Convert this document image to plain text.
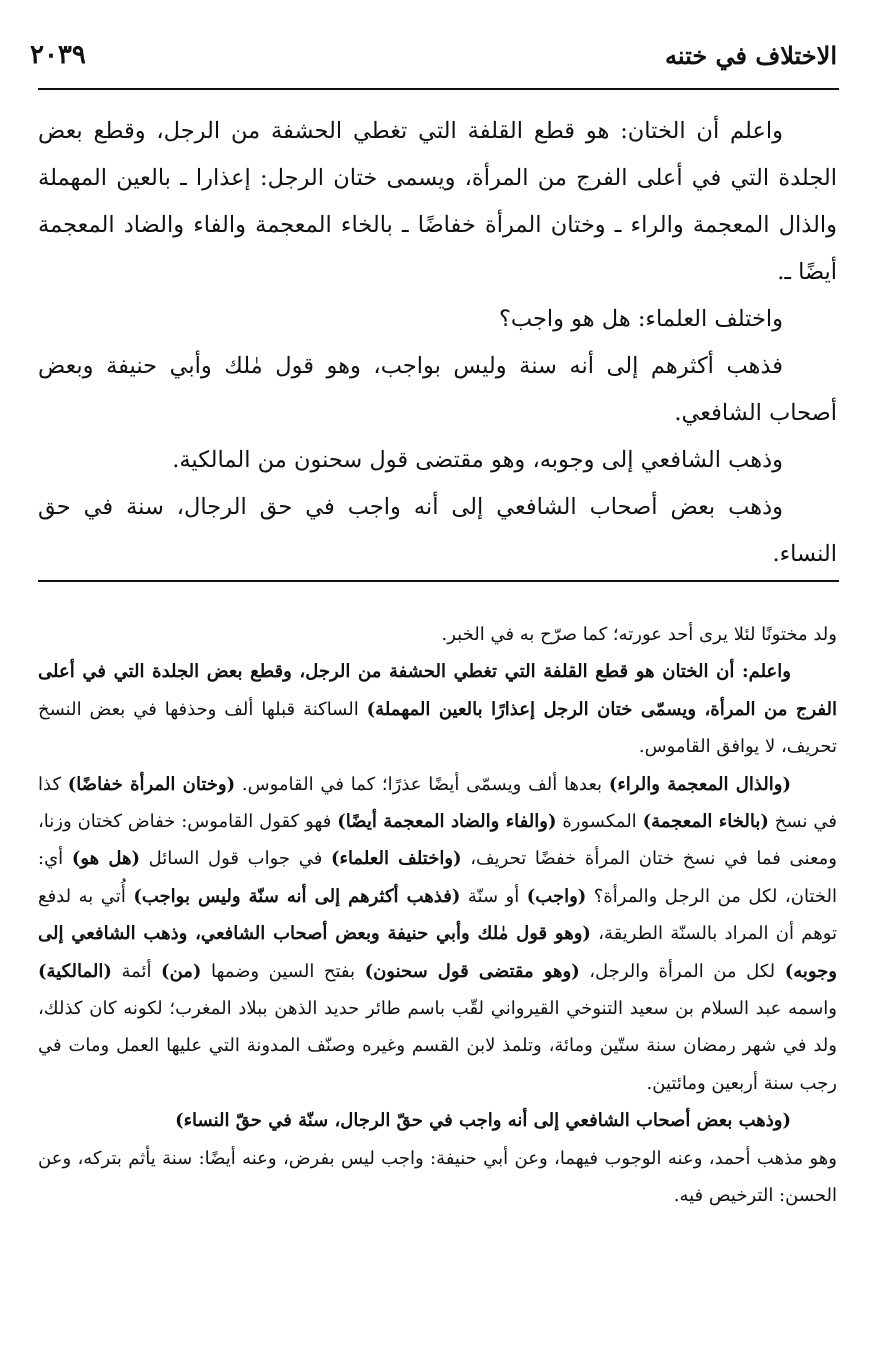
الاختلاف في ختنه
٢٠٣٩

واعلم أن الختان: هو قطع القلفة التي تغطي الحشفة من الرجل، وقطع بعض الجلدة التي في أعلى الفرج من المرأة، ويسمى ختان الرجل: إعذارا ـ بالعين المهملة والذال المعجمة والراء ـ وختان المرأة خفاضًا ـ بالخاء المعجمة والفاء والضاد المعجمة أيضًا ـ.

واختلف العلماء: هل هو واجب؟

فذهب أكثرهم إلى أنه سنة وليس بواجب، وهو قول مٰلك وأبي حنيفة وبعض أصحاب الشافعي.

وذهب الشافعي إلى وجوبه، وهو مقتضى قول سحنون من المالكية.

وذهب بعض أصحاب الشافعي إلى أنه واجب في حق الرجال، سنة في حق النساء.

ولد مختونًا لئلا يرى أحد عورته؛ كما صرّح به في الخبر.

واعلم: أن الختان هو قطع القلفة التي تغطي الحشفة من الرجل، وقطع بعض الجلدة التي في أعلى الفرج من المرأة، ويسمّى ختان الرجل إعذارًا بالعين المهملة) الساكنة قبلها ألف وحذفها في بعض النسخ تحريف، لا يوافق القاموس.

(والذال المعجمة والراء) بعدها ألف ويسمّى أيضًا عذرًا؛ كما في القاموس. (وختان المرأة خفاضًا) كذا في نسخ (بالخاء المعجمة) المكسورة (والفاء والضاد المعجمة أيضًا) فهو كقول القاموس: خفاض كختان وزنا، ومعنى فما في نسخ ختان المرأة خفضًا تحريف، (واختلف العلماء) في جواب قول السائل (هل هو) أي: الختان، لكل من الرجل والمرأة؟ (واجب) أو سنّة (فذهب أكثرهم إلى أنه سنّة وليس بواجب) أُتي به لدفع توهم أن المراد بالسنّة الطريقة، (وهو قول مٰلك وأبي حنيفة وبعض أصحاب الشافعي، وذهب الشافعي إلى وجوبه) لكل من المرأة والرجل، (وهو مقتضى قول سحنون) بفتح السين وضمها (من) أئمة (المالكية) واسمه عبد السلام بن سعيد التنوخي القيرواني لقّب باسم طائر حديد الذهن ببلاد المغرب؛ لكونه كان كذلك، ولد في شهر رمضان سنة ستّين ومائة، وتلمذ لابن القسم وغيره وصنّف المدونة التي عليها العمل ومات في رجب سنة أربعين ومائتين.

(وذهب بعض أصحاب الشافعي إلى أنه واجب في حقّ الرجال، سنّة في حقّ النساء)

وهو مذهب أحمد، وعنه الوجوب فيهما، وعن أبي حنيفة: واجب ليس بفرض، وعنه أيضًا: سنة يأثم بتركه، وعن الحسن: الترخيص فيه.
